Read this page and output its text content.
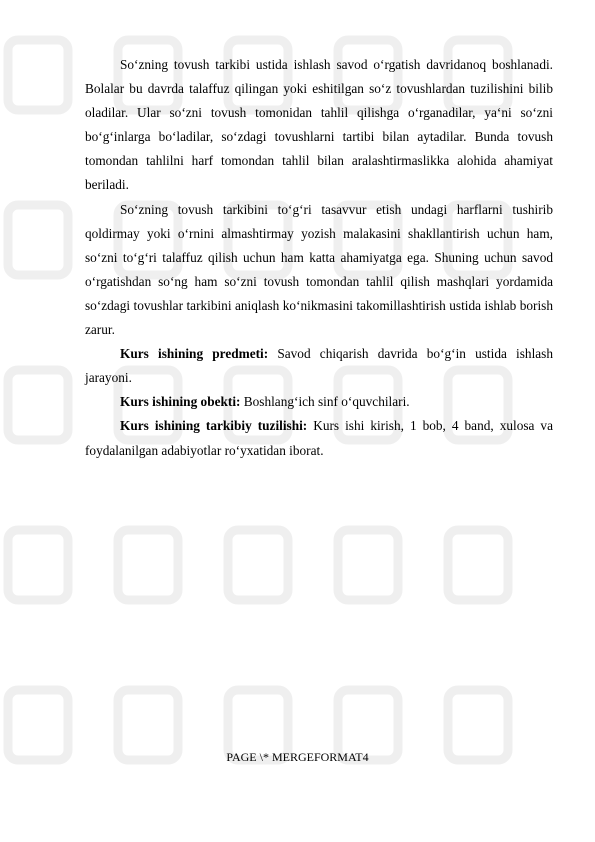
So‘zning tovush tarkibi ustida ishlash savod o‘rgatish davridanoq boshlanadi. Bolalar bu davrda talaffuz qilingan yoki eshitilgan so‘z tovushlardan tuzilishini bilib oladilar. Ular so‘zni tovush tomonidan tahlil qilishga o‘rganadilar, ya‘ni so‘zni bo‘g‘inlarga bo‘ladilar, so‘zdagi tovushlarni tartibi bilan aytadilar. Bunda tovush tomondan tahlilni harf tomondan tahlil bilan aralashtirmaslikka alohida ahamiyat beriladi.

So‘zning tovush tarkibini to‘g‘ri tasavvur etish undagi harflarni tushirib qoldirmay yoki o‘rnini almashtirmay yozish malakasini shakllantirish uchun ham, so‘zni to‘g‘ri talaffuz qilish uchun ham katta ahamiyatga ega. Shuning uchun savod o‘rgatishdan so‘ng ham so‘zni tovush tomondan tahlil qilish mashqlari yordamida so‘zdagi tovushlar tarkibini aniqlash ko‘nikmasini takomillashtirish ustida ishlab borish zarur.

Kurs ishining predmeti: Savod chiqarish davrida bo‘g‘in ustida ishlash jarayoni.

Kurs ishining obekti: Boshlang‘ich sinf o‘quvchilari.

Kurs ishining tarkibiy tuzilishi: Kurs ishi kirish, 1 bob, 4 band, xulosa va foydalanilgan adabiyotlar ro‘yxatidan iborat.

PAGE \* MERGEFORMAT4
